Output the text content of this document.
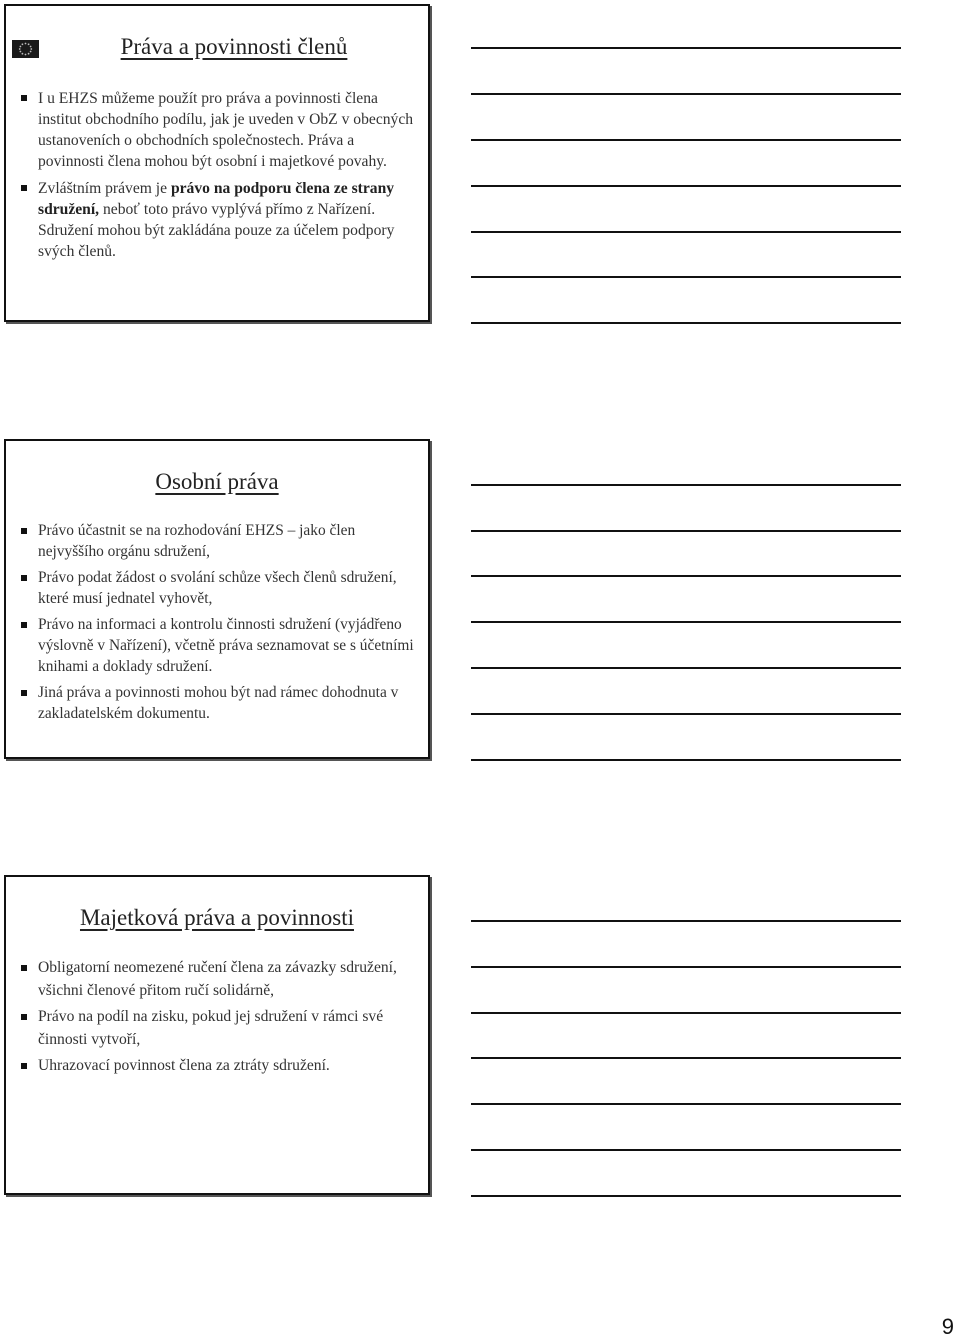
Práva a povinnosti členů
I u EHZS můžeme použít pro práva a povinnosti člena institut obchodního podílu, jak je uveden v ObZ v obecných ustanoveních o obchodních společnostech. Práva a povinnosti člena mohou být osobní i majetkové povahy.
Zvláštním právem je právo na podporu člena ze strany sdružení, neboť toto právo vyplývá přímo z Nařízení. Sdružení mohou být zakládána pouze za účelem podpory svých členů.
Osobní práva
Právo účastnit se na rozhodování EHZS – jako člen nejvyššího orgánu sdružení,
Právo podat žádost o svolání schůze všech členů sdružení, které musí jednatel vyhovět,
Právo na informaci a kontrolu činnosti sdružení (vyjádřeno výslovně v Nařízení), včetně práva seznamovat se s účetními knihami a doklady sdružení.
Jiná práva a povinnosti mohou být nad rámec dohodnuta v zakladatelském dokumentu.
Majetková práva a povinnosti
Obligatorní neomezené ručení člena za závazky sdružení, všichni členové přitom ručí solidárně,
Právo na podíl na zisku, pokud jej sdružení v rámci své činnosti vytvoří,
Uhrazovací povinnost člena za ztráty sdružení.
9
